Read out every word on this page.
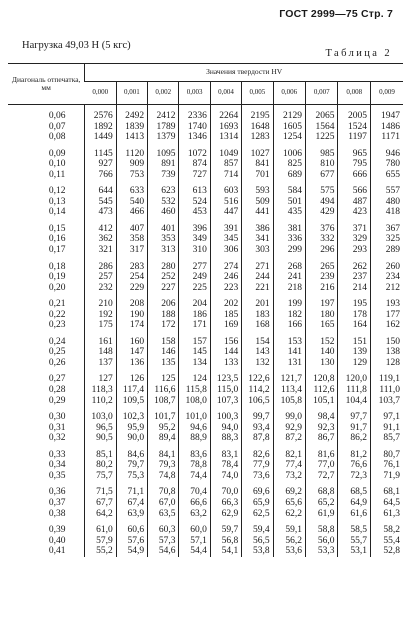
ГОСТ 2999—75 Стр. 7
Нагрузка 49,03 Н (5 кгс)
Таблица 2
Диагональ отпечатка, мм	Значения твердости HV									
	0,000	0,001	0,002	0,003	0,004	0,005	0,006	0,007	0,008	0,009
0,06	2576	2492	2412	2336	2264	2195	2129	2065	2005	1947
0,07	1892	1839	1789	1740	1693	1648	1605	1564	1524	1486
0,08	1449	1413	1379	1346	1314	1283	1254	1225	1197	1171
0,09	1145	1120	1095	1072	1049	1027	1006	985	965	946
0,10	927	909	891	874	857	841	825	810	795	780
0,11	766	753	739	727	714	701	689	677	666	655
0,12	644	633	623	613	603	593	584	575	566	557
0,13	545	540	532	524	516	509	501	494	487	480
0,14	473	466	460	453	447	441	435	429	423	418
0,15	412	407	401	396	391	386	381	376	371	367
0,16	362	358	353	349	345	341	336	332	329	325
0,17	321	317	313	310	306	303	299	296	293	289
0,18	286	283	280	277	274	271	268	265	262	260
0,19	257	254	252	249	246	244	241	239	237	234
0,20	232	229	227	225	223	221	218	216	214	212
0,21	210	208	206	204	202	201	199	197	195	193
0,22	192	190	188	186	185	183	182	180	178	177
0,23	175	174	172	171	169	168	166	165	164	162
0,24	161	160	158	157	156	154	153	152	151	150
0,25	148	147	146	145	144	143	141	140	139	138
0,26	137	136	135	134	133	132	131	130	129	128
0,27	127	126	125	124	123,5	122,6	121,7	120,8	120,0	119,1
0,28	118,3	117,4	116,6	115,8	115,0	114,2	113,4	112,6	111,8	111,0
0,29	110,2	109,5	108,7	108,0	107,3	106,5	105,8	105,1	104,4	103,7
0,30	103,0	102,3	101,7	101,0	100,3	99,7	99,0	98,4	97,7	97,1
0,31	96,5	95,9	95,2	94,6	94,0	93,4	92,9	92,3	91,7	91,1
0,32	90,5	90,0	89,4	88,9	88,3	87,8	87,2	86,7	86,2	85,7
0,33	85,1	84,6	84,1	83,6	83,1	82,6	82,1	81,6	81,2	80,7
0,34	80,2	79,7	79,3	78,8	78,4	77,9	77,4	77,0	76,6	76,1
0,35	75,7	75,3	74,8	74,4	74,0	73,6	73,2	72,7	72,3	71,9
0,36	71,5	71,1	70,8	70,4	70,0	69,6	69,2	68,8	68,5	68,1
0,37	67,7	67,4	67,0	66,6	66,3	65,9	65,6	65,2	64,9	64,5
0,38	64,2	63,9	63,5	63,2	62,9	62,5	62,2	61,9	61,6	61,3
0,39	61,0	60,6	60,3	60,0	59,7	59,4	59,1	58,8	58,5	58,2
0,40	57,9	57,6	57,3	57,1	56,8	56,5	56,2	56,0	55,7	55,4
0,41	55,2	54,9	54,6	54,4	54,1	53,8	53,6	53,3	53,1	52,8
